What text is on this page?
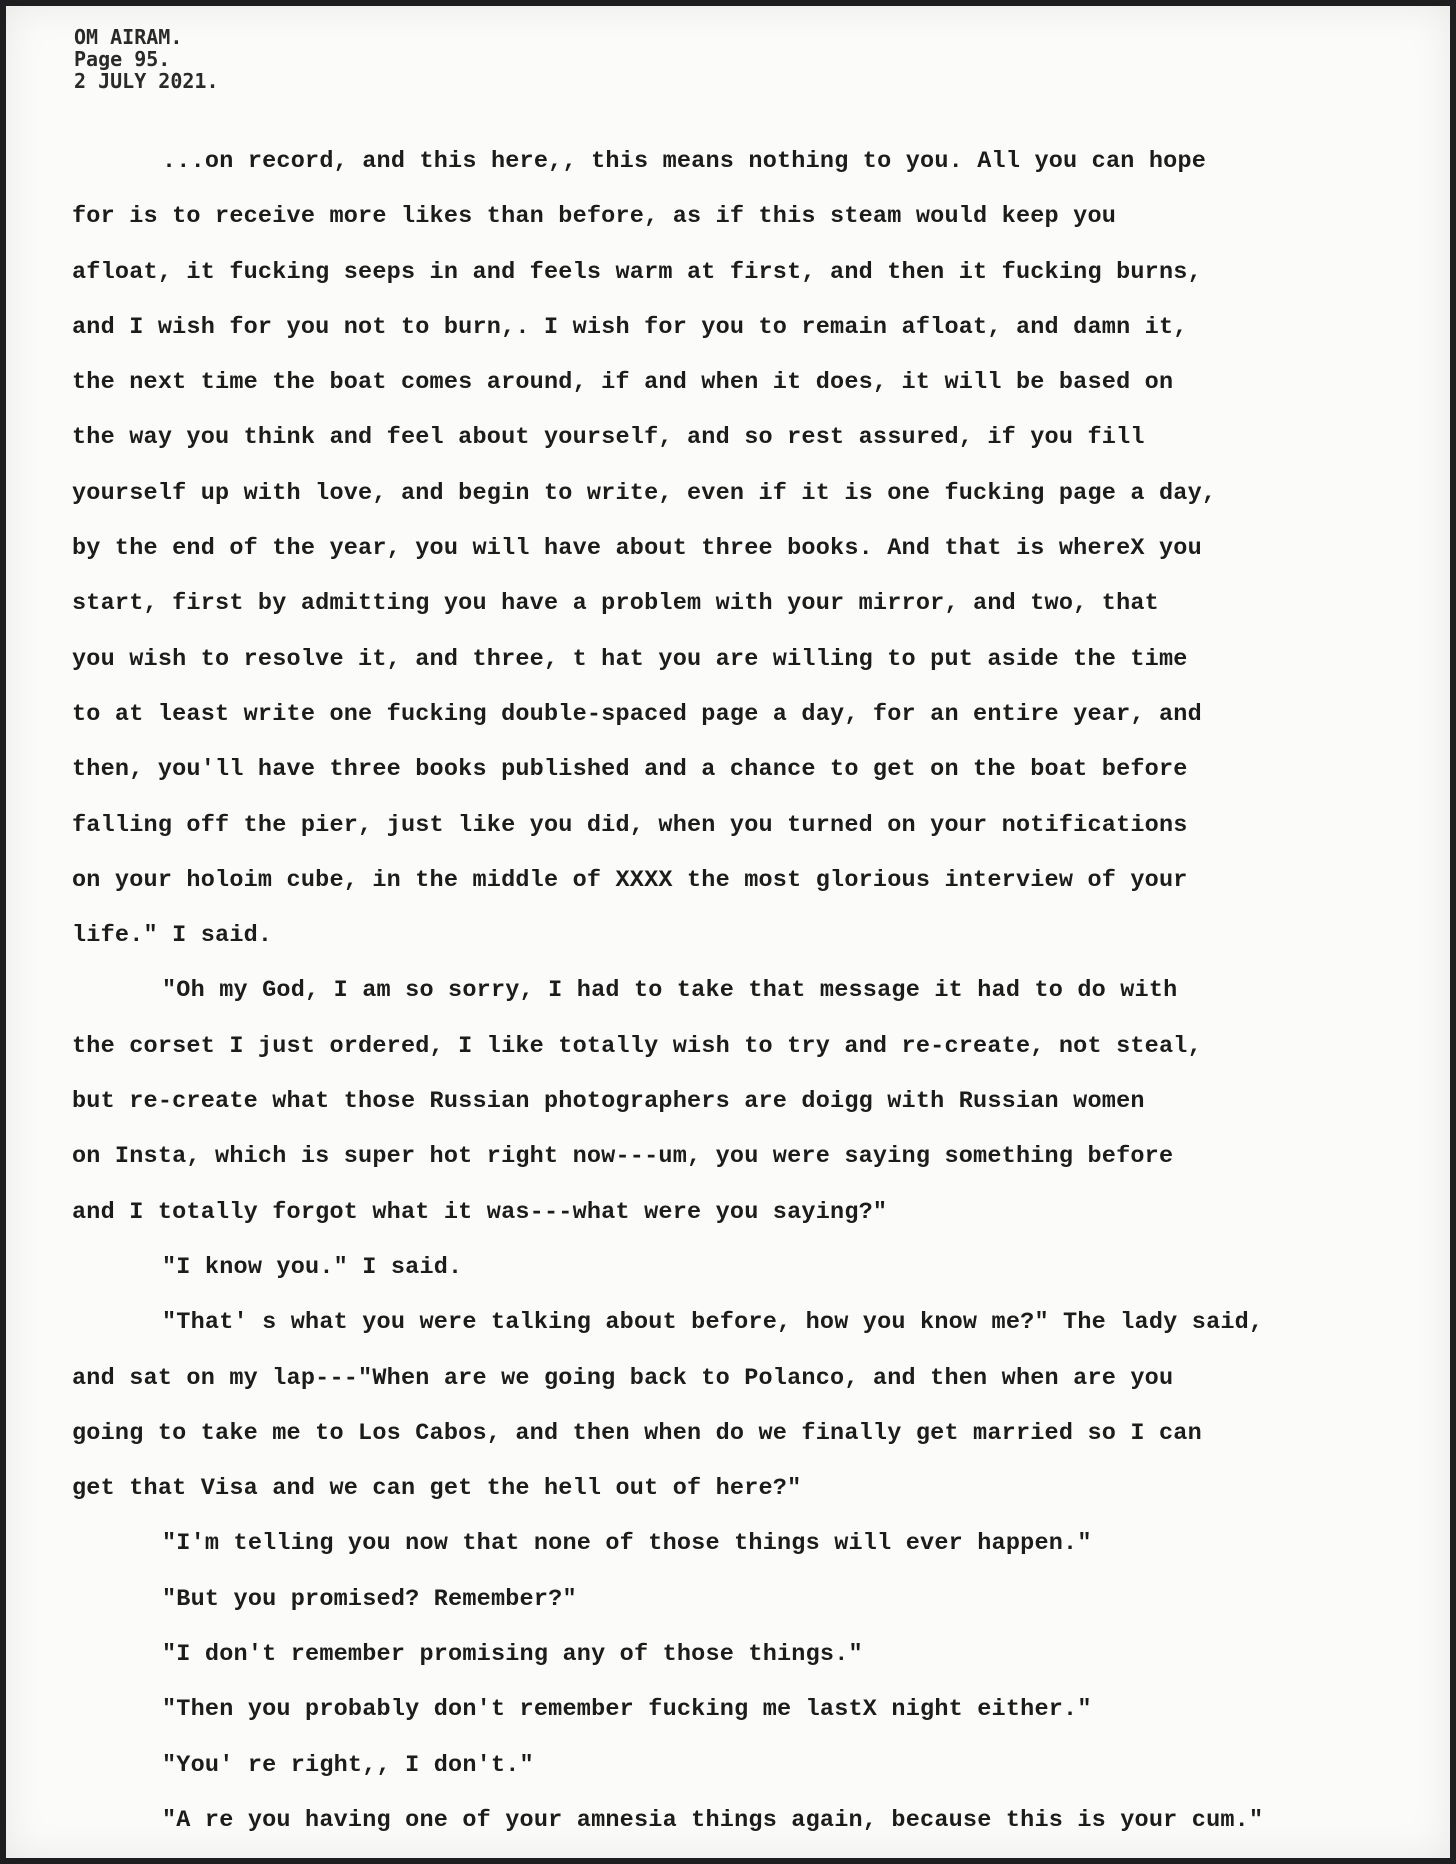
OM AIRAM.
Page 95.
2 JULY 2021.
...on record, and this here,, this means nothing to you. All you can hope
for is to receive more likes than before, as if this steam would keep you
afloat, it fucking seeps in and feels warm at first, and then it fucking burns,
and I wish for you not to burn,. I wish for you to remain afloat, and damn it,
the next time the boat comes around, if and when it does, it will be based on
the way you think and feel about yourself, and so rest assured, if you fill
yourself up with love, and begin to write, even if it is one fucking page a day,
by the end of the year, you will have about three books. And that is whereX you
start, first by admitting you have a problem with your mirror, and two, that
you wish to resolve it, and three, t hat you are willing to put aside the time
to at least write one fucking double-spaced page a day, for an entire year, and
then, you'll have three books published and a chance to get on the boat before
falling off the pier, just like you did, when you turned on your notifications
on your holoim cube, in the middle of XXXX the most glorious interview of your
life." I said.
"Oh my God, I am so sorry, I had to take that message it had to do with
the corset I just ordered, I like totally wish to try and re-create, not steal,
but re-create what those Russian photographers are doigg with Russian women
on Insta, which is super hot right now---um, you were saying something before
and I totally forgot what it was---what were you saying?"
"I know you." I said.
"That' s what you were talking about before, how you know me?" The lady said,
and sat on my lap---"When are we going back to Polanco, and then when are you
going to take me to Los Cabos, and then when do we finally get married so I can
get that Visa and we can get the hell out of here?"
"I'm telling you now that none of those things will ever happen."
"But you promised? Remember?"
"I don't remember promising any of those things."
"Then you probably don't remember fucking me lastX night either."
"You' re right,, I don't."
"A re you having one of your amnesia things again, because this is your cum."
